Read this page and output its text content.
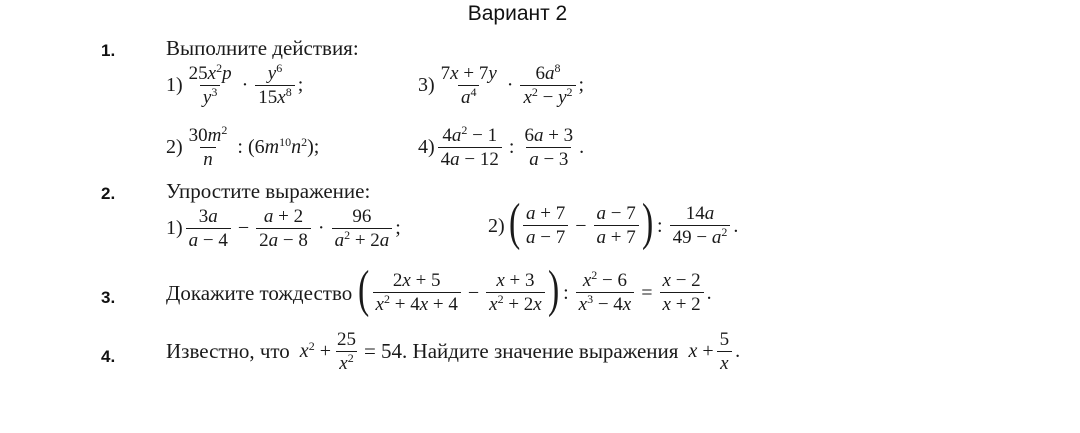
Вариант 2
1. Выполните действия:
$1) \frac{25x^2p}{y^3} \cdot \frac{y^6}{15x^8}$ ;	$3) \frac{7x + 7y}{a^4} \cdot \frac{6a^8}{x^2 - y^2}$ ;
$2) \frac{30m^2}{n}$ : $(6m^{10}n^2)$;	$4) \frac{4a^2 - 1}{4a - 12}$ : $\frac{6a + 3}{a - 3}$ .
2. Упростите выражение:
$1) \frac{3a}{a - 4} - \frac{a + 2}{2a - 8} \cdot \frac{96}{a^2 + 2a}$ ;	2) ( $\frac{a + 7}{a - 7} - \frac{a - 7}{a + 7}$ ) : $\frac{14a}{49 - a^2}$ .
3. Докажите тождество ( $\frac{2x + 5}{x^2 + 4x + 4} - \frac{x + 3}{x^2 + 2x}$ ) : $\frac{x^2 - 6}{x^3 - 4x} = \frac{x - 2}{x + 2}$ .
4. Известно, что $x^2 + \frac{25}{x^2} = 54$. Найдите значение выражения $x + \frac{5}{x}$ .
